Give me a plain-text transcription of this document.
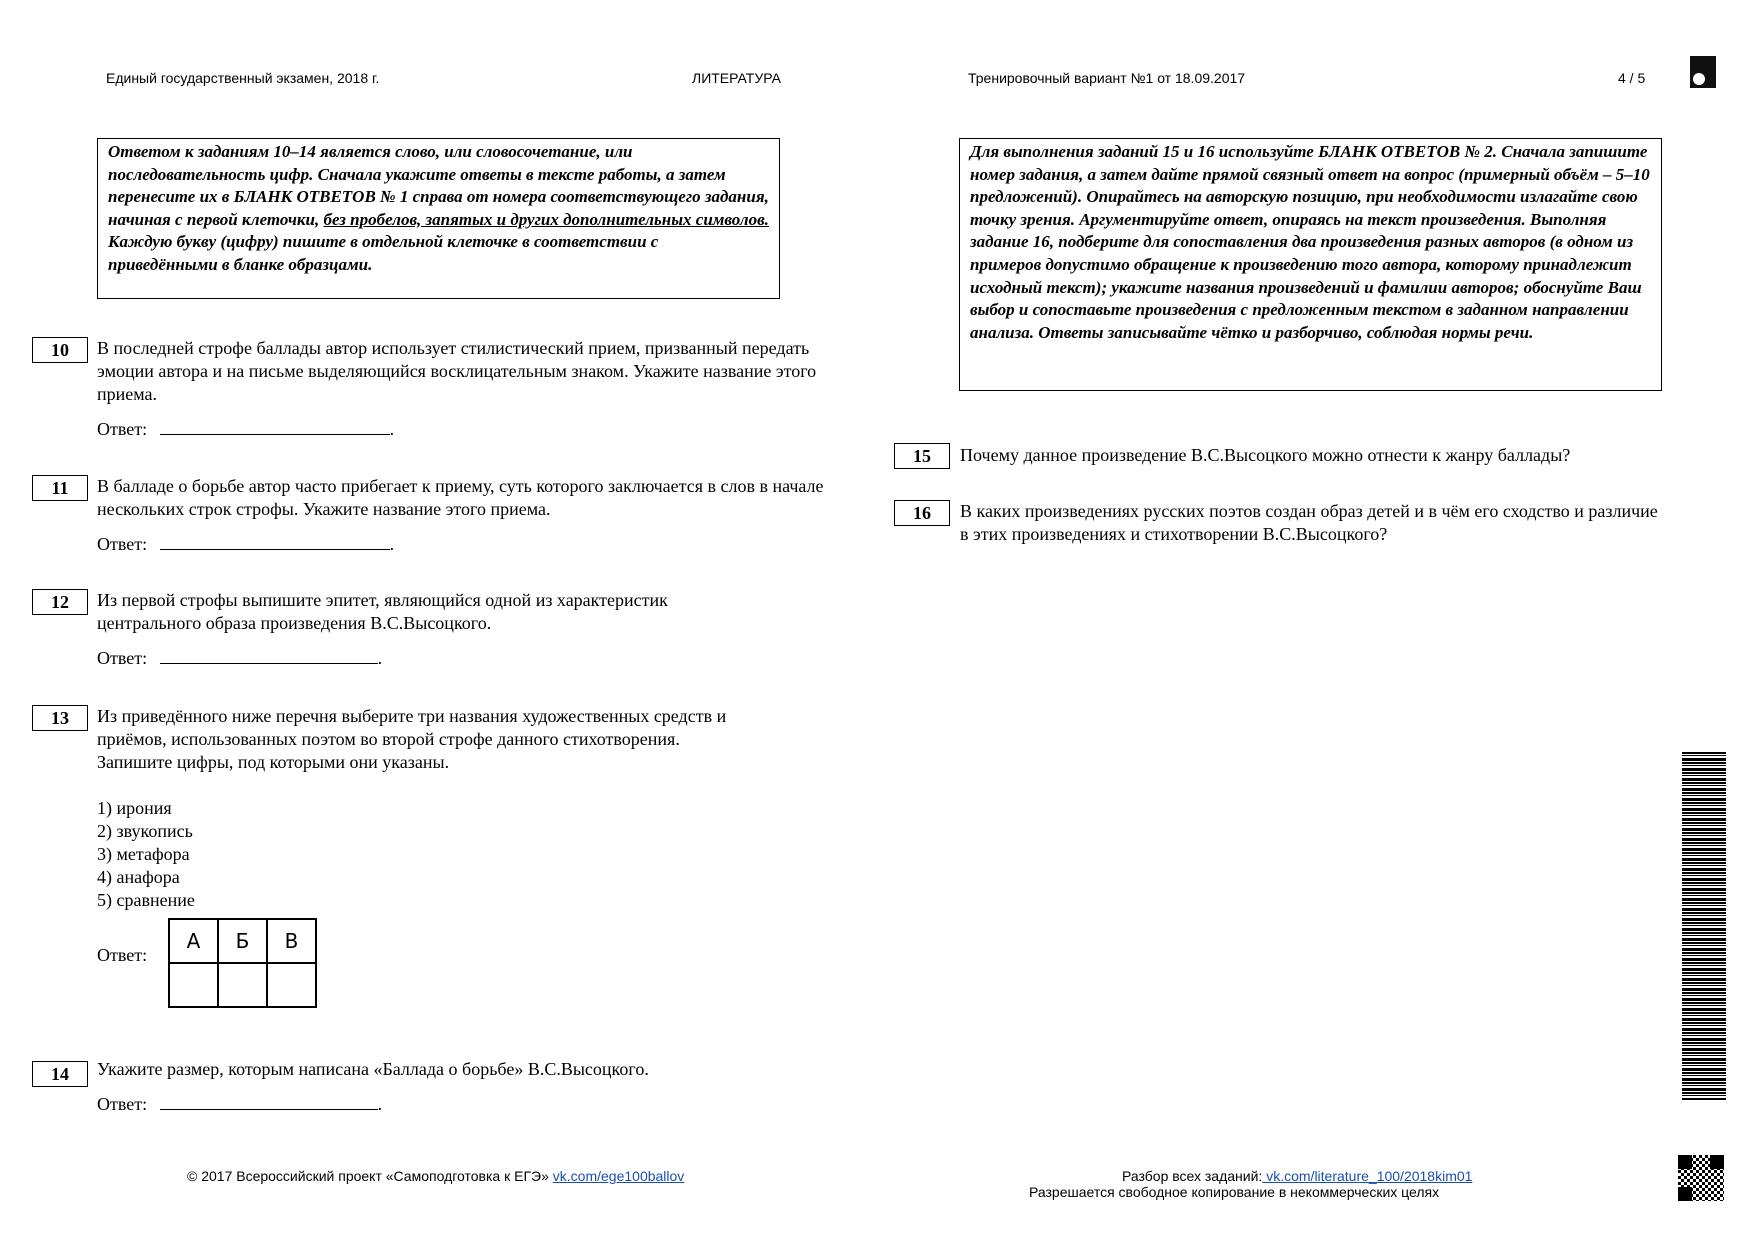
Единый государственный экзамен, 2018 г.	ЛИТЕРАТУРА	Тренировочный вариант №1 от 18.09.2017	4 / 5
Ответом к заданиям 10–14 является слово, или словосочетание, или последовательность цифр. Сначала укажите ответы в тексте работы, а затем перенесите их в БЛАНК ОТВЕТОВ № 1 справа от номера соответствующего задания, начиная с первой клеточки, без пробелов, запятых и других дополнительных символов. Каждую букву (цифру) пишите в отдельной клеточке в соответствии с приведёнными в бланке образцами.
Для выполнения заданий 15 и 16 используйте БЛАНК ОТВЕТОВ № 2. Сначала запишите номер задания, а затем дайте прямой связный ответ на вопрос (примерный объём – 5–10 предложений). Опирайтесь на авторскую позицию, при необходимости излагайте свою точку зрения. Аргументируйте ответ, опираясь на текст произведения. Выполняя задание 16, подберите для сопоставления два произведения разных авторов (в одном из примеров допустимо обращение к произведению того автора, которому принадлежит исходный текст); укажите названия произведений и фамилии авторов; обоснуйте Ваш выбор и сопоставьте произведения с предложенным текстом в заданном направлении анализа. Ответы записывайте чётко и разборчиво, соблюдая нормы речи.
10	В последней строфе баллады автор использует стилистический прием, призванный передать эмоции автора и на письме выделяющийся восклицательным знаком. Укажите название этого приема.
Ответ:	.
11	В балладе о борьбе автор часто прибегает к приему, суть которого заключается в слов в начале нескольких строк строфы. Укажите название этого приема.
Ответ:	.
12	Из первой строфы выпишите эпитет, являющийся одной из характеристик центрального образа произведения В.С.Высоцкого.
Ответ:	.
13	Из приведённого ниже перечня выберите три названия художественных средств и приёмов, использованных поэтом во второй строфе данного стихотворения. Запишите цифры, под которыми они указаны.
1) ирония
2) звукопись
3) метафора
4) анафора
5) сравнение
Ответ:
А	Б	В

14	Укажите размер, которым написана «Баллада о борьбе» В.С.Высоцкого.
Ответ:	.
15	Почему данное произведение В.С.Высоцкого можно отнести к жанру баллады?
16	В каких произведениях русских поэтов создан образ детей и в чём его сходство и различие в этих произведениях и стихотворении В.С.Высоцкого?
© 2017 Всероссийский проект «Самоподготовка к ЕГЭ» vk.com/ege100ballov	Разбор всех заданий: vk.com/literature_100/2018kim01
Разрешается свободное копирование в некоммерческих целях
